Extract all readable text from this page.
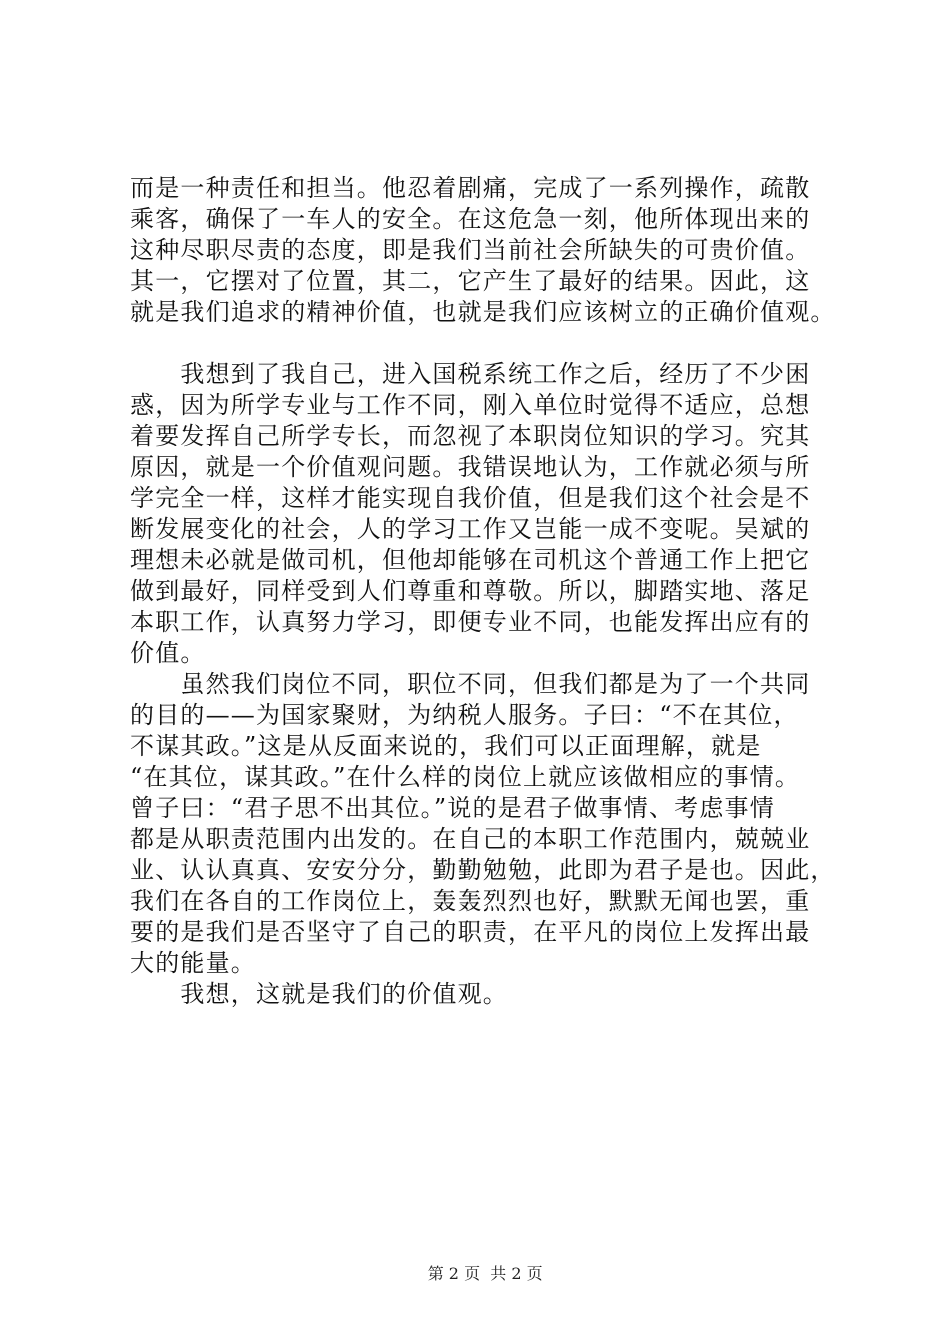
而是一种责任和担当。他忍着剧痛，完成了一系列操作，疏散
乘客，确保了一车人的安全。在这危急一刻，他所体现出来的
这种尽职尽责的态度，即是我们当前社会所缺失的可贵价值。
其一，它摆对了位置，其二，它产生了最好的结果。因此，这
就是我们追求的精神价值，也就是我们应该树立的正确价值观。
　　我想到了我自己，进入国税系统工作之后，经历了不少困
惑，因为所学专业与工作不同，刚入单位时觉得不适应，总想
着要发挥自己所学专长，而忽视了本职岗位知识的学习。究其
原因，就是一个价值观问题。我错误地认为，工作就必须与所
学完全一样，这样才能实现自我价值，但是我们这个社会是不
断发展变化的社会，人的学习工作又岂能一成不变呢。吴斌的
理想未必就是做司机，但他却能够在司机这个普通工作上把它
做到最好，同样受到人们尊重和尊敬。所以，脚踏实地、落足
本职工作，认真努力学习，即便专业不同，也能发挥出应有的
价值。
　　虽然我们岗位不同，职位不同，但我们都是为了一个共同
的目的——为国家聚财，为纳税人服务。子曰：“不在其位，
不谋其政。”这是从反面来说的，我们可以正面理解，就是
“在其位，谋其政。”在什么样的岗位上就应该做相应的事情。
曾子曰：“君子思不出其位。”说的是君子做事情、考虑事情
都是从职责范围内出发的。在自己的本职工作范围内，兢兢业
业、认认真真、安安分分，勤勤勉勉，此即为君子是也。因此，
我们在各自的工作岗位上，轰轰烈烈也好，默默无闻也罢，重
要的是我们是否坚守了自己的职责，在平凡的岗位上发挥出最
大的能量。
　　我想，这就是我们的价值观。

第 2 页  共 2 页
